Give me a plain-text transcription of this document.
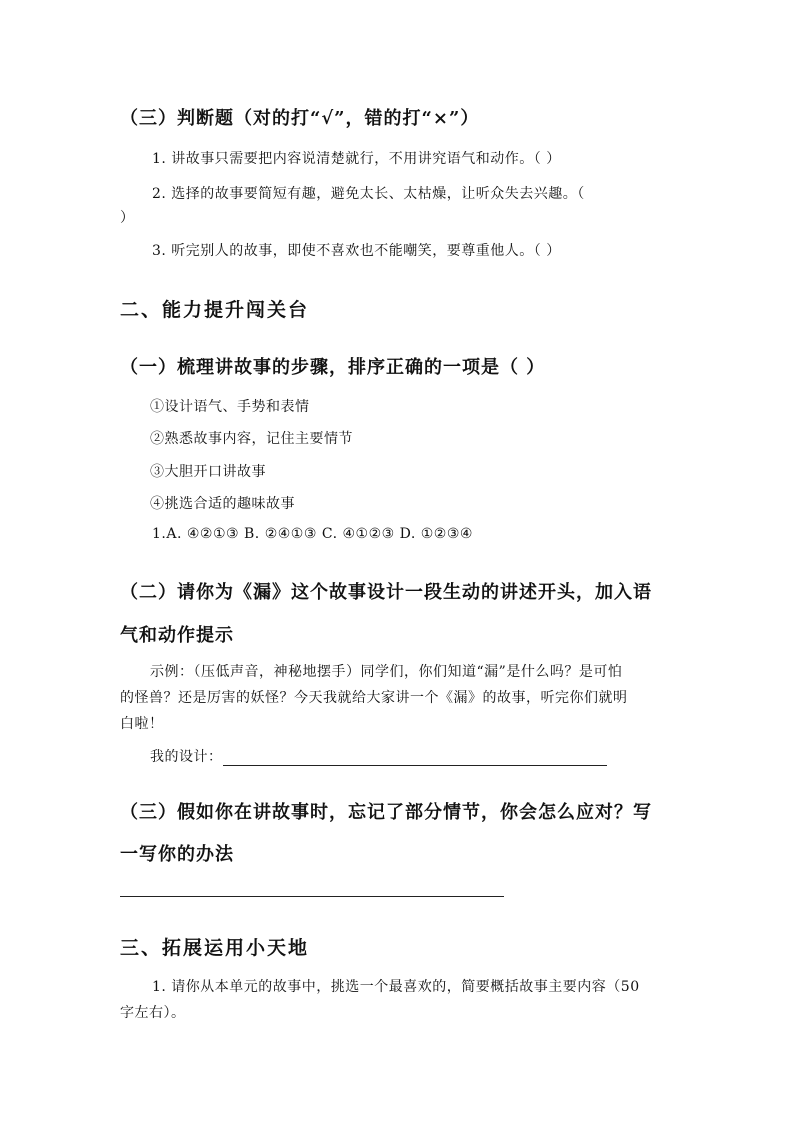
（三）判断题（对的打“√”，错的打“×”）
1. 讲故事只需要把内容说清楚就行，不用讲究语气和动作。（ ）
2. 选择的故事要简短有趣，避免太长、太枯燥，让听众失去兴趣。（
）
3. 听完别人的故事，即使不喜欢也不能嘲笑，要尊重他人。（ ）
二、能力提升闯关台
（一）梳理讲故事的步骤，排序正确的一项是（ ）
①设计语气、手势和表情
②熟悉故事内容，记住主要情节
③大胆开口讲故事
④挑选合适的趣味故事
1.A. ④②①③ B. ②④①③ C. ④①②③ D. ①②③④
（二）请你为《漏》这个故事设计一段生动的讲述开头，加入语
气和动作提示
示例：（压低声音，神秘地摆手）同学们，你们知道“漏”是什么吗？是可怕
的怪兽？还是厉害的妖怪？今天我就给大家讲一个《漏》的故事，听完你们就明
白啦！
我的设计：
（三）假如你在讲故事时，忘记了部分情节，你会怎么应对？写
一写你的办法
三、拓展运用小天地
1. 请你从本单元的故事中，挑选一个最喜欢的，简要概括故事主要内容（50
字左右）。
